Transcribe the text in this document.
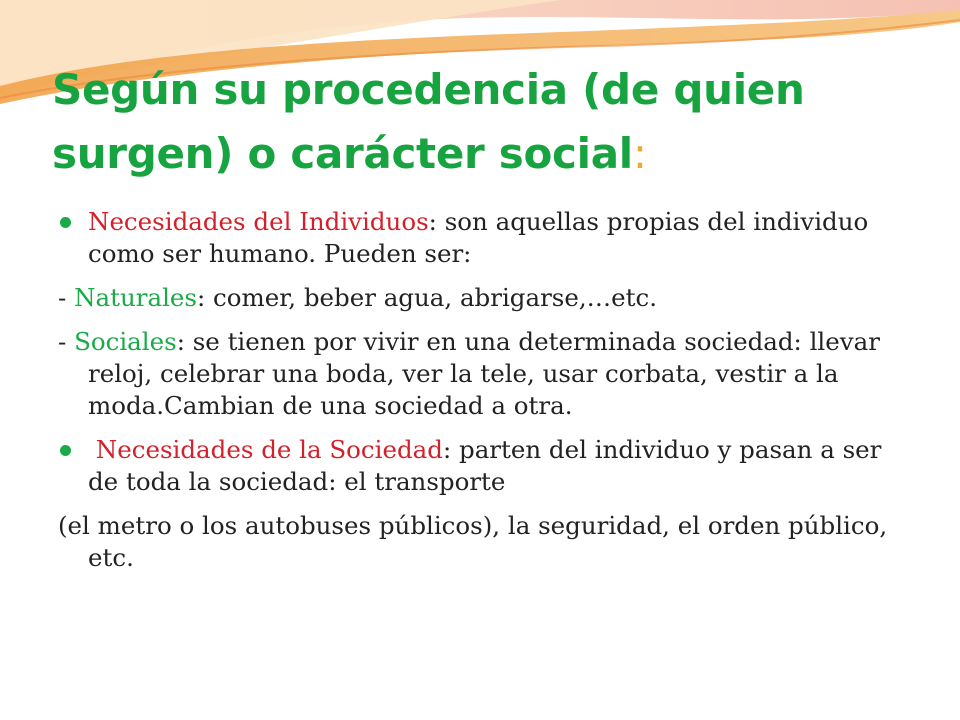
Según su procedencia (de quien surgen) o carácter social:
Necesidades del Individuos: son aquellas propias del individuo como ser humano. Pueden ser:
- Naturales: comer, beber agua, abrigarse,…etc.
- Sociales: se tienen por vivir en una determinada sociedad: llevar reloj, celebrar una boda, ver la tele, usar corbata, vestir a la moda.Cambian de una sociedad a otra.
Necesidades de la Sociedad: parten del individuo y pasan a ser de toda la sociedad: el transporte
(el metro o los autobuses públicos), la seguridad, el orden público, etc.
